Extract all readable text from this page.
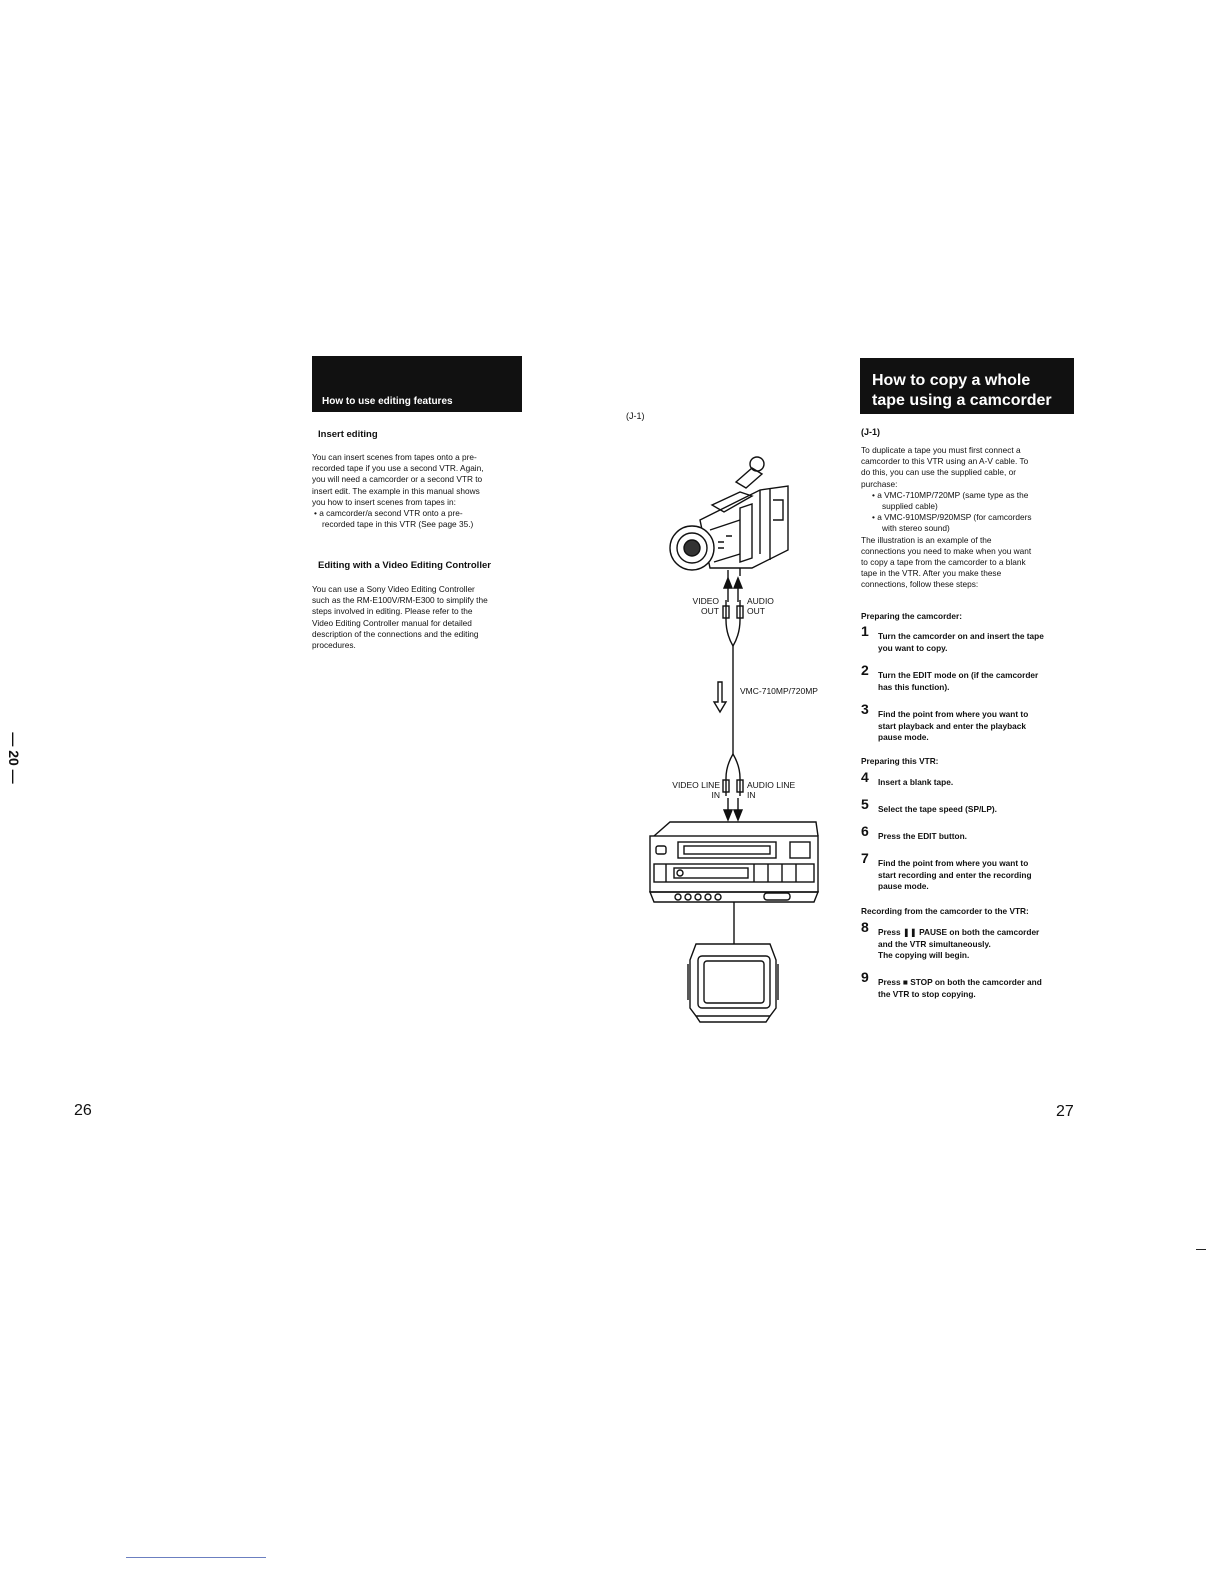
How to use editing features
Insert editing
You can insert scenes from tapes onto a pre-
recorded tape if you use a second VTR. Again,
you will need a camcorder or a second VTR to
insert edit. The example in this manual shows
you how to insert scenes from tapes in:
• a camcorder/a second VTR onto a pre-
recorded tape in this VTR (See page 35.)
Editing with a Video Editing Controller
You can use a Sony Video Editing Controller
such as the RM-E100V/RM-E300 to simplify the
steps involved in editing. Please refer to the
Video Editing Controller manual for detailed
description of the connections and the editing
procedures.
26
— 20 —
(J-1)
VIDEO
OUT
AUDIO
OUT
VMC-710MP/720MP
VIDEO LINE
IN
AUDIO LINE
IN
How to copy a whole
tape using a camcorder
(J-1)
To duplicate a tape you must first connect a
camcorder to this VTR using an A-V cable. To
do this, you can use the supplied cable, or
purchase:
• a VMC-710MP/720MP (same type as the
supplied cable)
• a VMC-910MSP/920MSP (for camcorders
with stereo sound)
The illustration is an example of the
connections you need to make when you want
to copy a tape from the camcorder to a blank
tape in the VTR. After you make these
connections, follow these steps:
Preparing the camcorder:
1 Turn the camcorder on and insert the tape
you want to copy.
2 Turn the EDIT mode on (if the camcorder
has this function).
3 Find the point from where you want to
start playback and enter the playback
pause mode.
Preparing this VTR:
4 Insert a blank tape.
5 Select the tape speed (SP/LP).
6 Press the EDIT button.
7 Find the point from where you want to
start recording and enter the recording
pause mode.
Recording from the camcorder to the VTR:
8 Press ❚❚ PAUSE on both the camcorder
and the VTR simultaneously.
The copying will begin.
9 Press ■ STOP on both the camcorder and
the VTR to stop copying.
27
